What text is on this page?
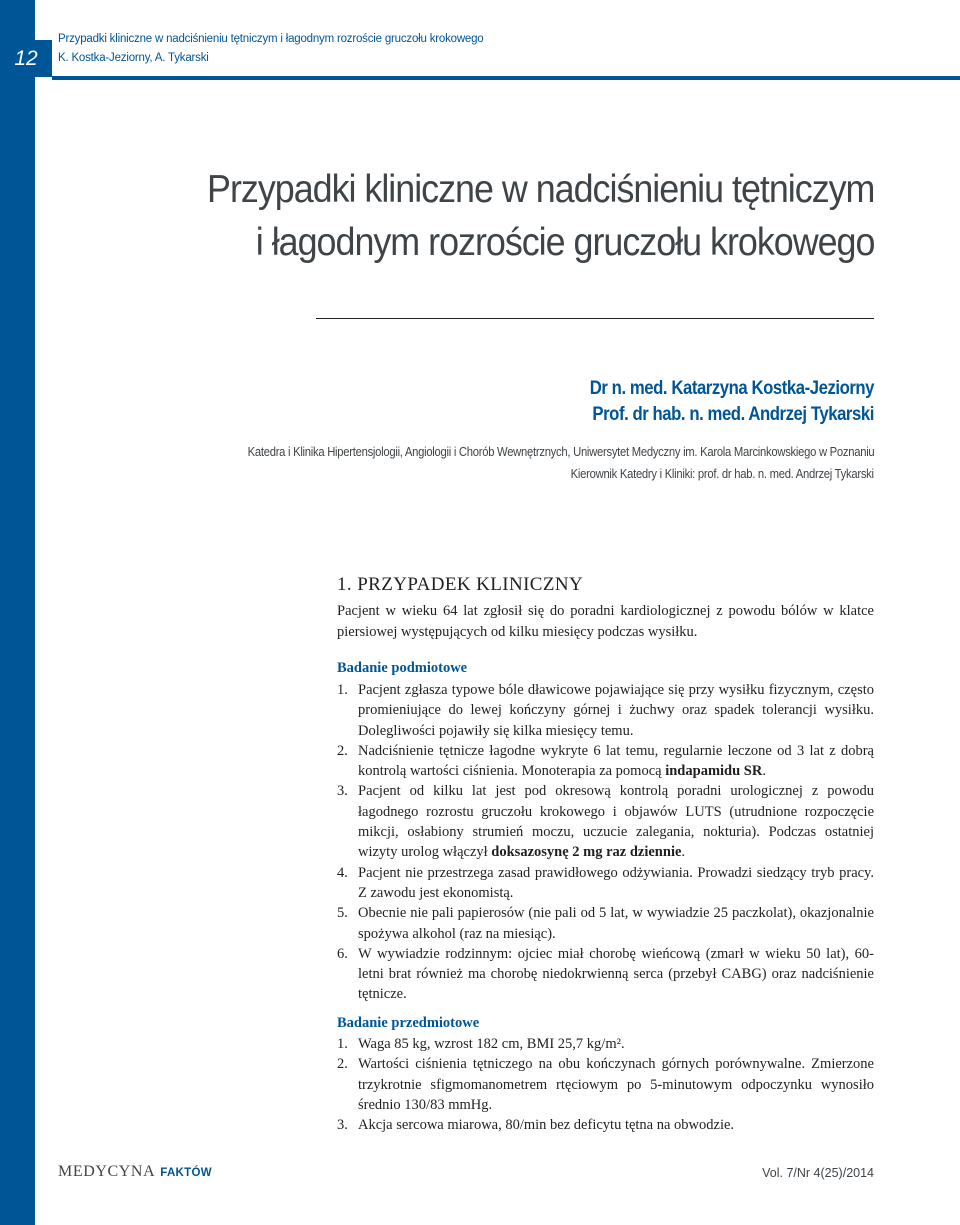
12
Przypadki kliniczne w nadciśnieniu tętniczym i łagodnym rozroście gruczołu krokowego
K. Kostka-Jeziorny, A. Tykarski
Przypadki kliniczne w nadciśnieniu tętniczym
i łagodnym rozroście gruczołu krokowego
Dr n. med. Katarzyna Kostka-Jeziorny
Prof. dr hab. n. med. Andrzej Tykarski
Katedra i Klinika Hipertensjologii, Angiologii i Chorób Wewnętrznych, Uniwersytet Medyczny im. Karola Marcinkowskiego w Poznaniu
Kierownik Katedry i Kliniki: prof. dr hab. n. med. Andrzej Tykarski
1. PRZYPADEK KLINICZNY
Pacjent w wieku 64 lat zgłosił się do poradni kardiologicznej z powodu bólów w klatce piersiowej występujących od kilku miesięcy podczas wysiłku.
Badanie podmiotowe
1. Pacjent zgłasza typowe bóle dławicowe pojawiające się przy wysiłku fizycznym, często promieniujące do lewej kończyny górnej i żuchwy oraz spadek tolerancji wysiłku. Dolegliwości pojawiły się kilka miesięcy temu.
2. Nadciśnienie tętnicze łagodne wykryte 6 lat temu, regularnie leczone od 3 lat z dobrą kontrolą wartości ciśnienia. Monoterapia za pomocą indapamidu SR.
3. Pacjent od kilku lat jest pod okresową kontrolą poradni urologicznej z powodu łagodnego rozrostu gruczołu krokowego i objawów LUTS (utrudnione rozpoczęcie mikcji, osłabiony strumień moczu, uczucie zalegania, nokturia). Podczas ostatniej wizyty urolog włączył doksazosynę 2 mg raz dziennie.
4. Pacjent nie przestrzega zasad prawidłowego odżywiania. Prowadzi siedzący tryb pracy. Z zawodu jest ekonomistą.
5. Obecnie nie pali papierosów (nie pali od 5 lat, w wywiadzie 25 paczkolat), okazjonalnie spożywa alkohol (raz na miesiąc).
6. W wywiadzie rodzinnym: ojciec miał chorobę wieńcową (zmarł w wieku 50 lat), 60-letni brat również ma chorobę niedokrwienną serca (przebył CABG) oraz nadciśnienie tętnicze.
Badanie przedmiotowe
1. Waga 85 kg, wzrost 182 cm, BMI 25,7 kg/m².
2. Wartości ciśnienia tętniczego na obu kończynach górnych porównywalne. Zmierzone trzykrotnie sfigmomanometrem rtęciowym po 5-minutowym odpoczynku wynosiło średnio 130/83 mmHg.
3. Akcja sercowa miarowa, 80/min bez deficytu tętna na obwodzie.
MEDYCYNA FAKTÓW	Vol. 7/Nr 4(25)/2014
